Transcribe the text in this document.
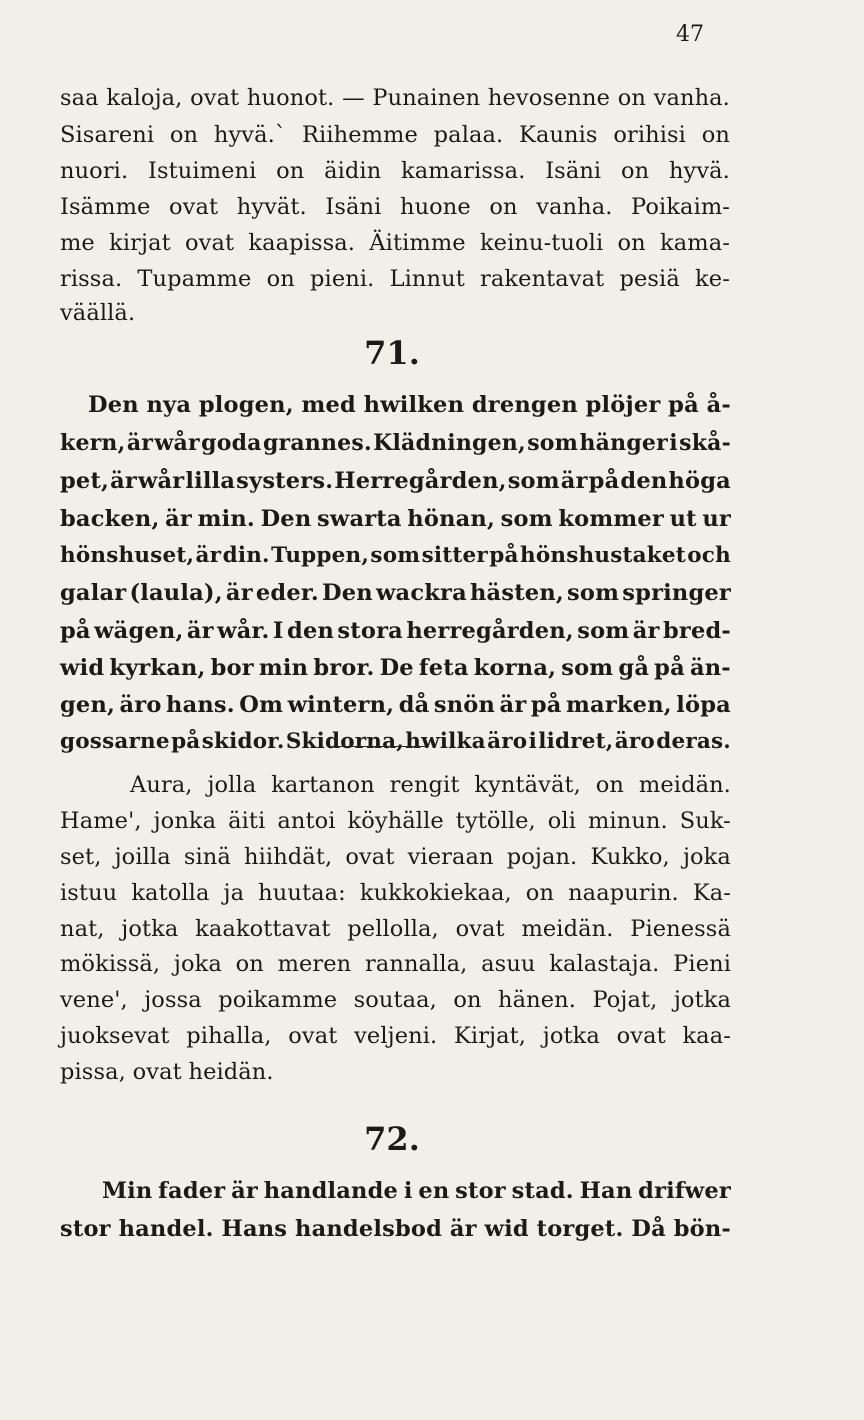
47
saa kaloja, ovat huonot. — Punainen hevosenne on vanha.
Sisareni on hyvä.` Riihemme palaa. Kaunis orihisi on
nuori. Istuimeni on äidin kamarissa. Isäni on hyvä.
Isämme ovat hyvät. Isäni huone on vanha. Poikaim-
me kirjat ovat kaapissa. Äitimme keinu-tuoli on kama-
rissa. Tupamme on pieni. Linnut rakentavat pesiä ke-
väällä.
71.
Den nya plogen, med hwilken drengen plöjer på å-
kern, är wår goda grannes. Klädningen, som hänger i skå-
pet, är wår lilla systers. Herregården, som är på den höga
backen, är min. Den swarta hönan, som kommer ut ur
hönshuset, är din. Tuppen, som sitter på hönshustaket och
galar (laula), är eder. Den wackra hästen, som springer
på wägen, är wår. I den stora herregården, som är bred-
wid kyrkan, bor min bror. De feta korna, som gå på än-
gen, äro hans. Om wintern, då snön är på marken, löpa
gossarne på skidor. Skidorna, hwilka äro i lidret, äro deras.
Aura, jolla kartanon rengit kyntävät, on meidän.
Hame', jonka äiti antoi köyhälle tytölle, oli minun. Suk-
set, joilla sinä hiihdät, ovat vieraan pojan. Kukko, joka
istuu katolla ja huutaa: kukkokiekaa, on naapurin. Ka-
nat, jotka kaakottavat pellolla, ovat meidän. Pienessä
mökissä, joka on meren rannalla, asuu kalastaja. Pieni
vene', jossa poikamme soutaa, on hänen. Pojat, jotka
juoksevat pihalla, ovat veljeni. Kirjat, jotka ovat kaa-
pissa, ovat heidän.
72.
Min fader är handlande i en stor stad. Han drifwer
stor handel. Hans handelsbod är wid torget. Då bön-
